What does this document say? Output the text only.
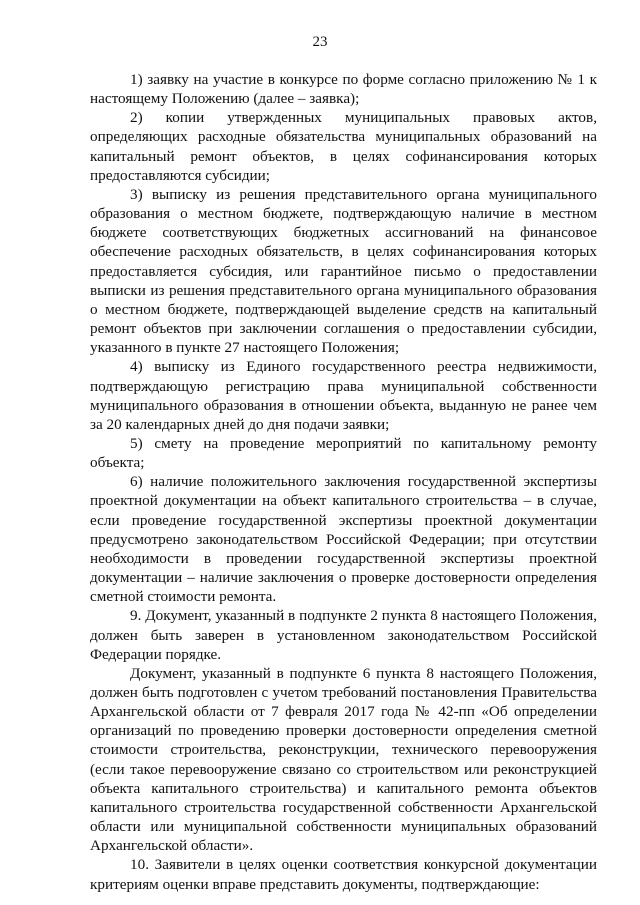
23

1) заявку на участие в конкурсе по форме согласно приложению № 1 к настоящему Положению (далее – заявка);

2) копии утвержденных муниципальных правовых актов, определяющих расходные обязательства муниципальных образований на капитальный ремонт объектов, в целях софинансирования которых предоставляются субсидии;

3) выписку из решения представительного органа муниципального образования о местном бюджете, подтверждающую наличие в местном бюджете соответствующих бюджетных ассигнований на финансовое обеспечение расходных обязательств, в целях софинансирования которых предоставляется субсидия, или гарантийное письмо о предоставлении выписки из решения представительного органа муниципального образования о местном бюджете, подтверждающей выделение средств на капитальный ремонт объектов при заключении соглашения о предоставлении субсидии, указанного в пункте 27 настоящего Положения;

4) выписку из Единого государственного реестра недвижимости, подтверждающую регистрацию права муниципальной собственности муниципального образования в отношении объекта, выданную не ранее чем за 20 календарных дней до дня подачи заявки;

5) смету на проведение мероприятий по капитальному ремонту объекта;

6) наличие положительного заключения государственной экспертизы проектной документации на объект капитального строительства – в случае, если проведение государственной экспертизы проектной документации предусмотрено законодательством Российской Федерации; при отсутствии необходимости в проведении государственной экспертизы проектной документации – наличие заключения о проверке достоверности определения сметной стоимости ремонта.

9. Документ, указанный в подпункте 2 пункта 8 настоящего Положения, должен быть заверен в установленном законодательством Российской Федерации порядке.

Документ, указанный в подпункте 6 пункта 8 настоящего Положения, должен быть подготовлен с учетом требований постановления Правительства Архангельской области от 7 февраля 2017 года № 42-пп «Об определении организаций по проведению проверки достоверности определения сметной стоимости строительства, реконструкции, технического перевооружения (если такое перевооружение связано со строительством или реконструкцией объекта капитального строительства) и капитального ремонта объектов капитального строительства государственной собственности Архангельской области или муниципальной собственности муниципальных образований Архангельской области».

10. Заявители в целях оценки соответствия конкурсной документации критериям оценки вправе представить документы, подтверждающие:
